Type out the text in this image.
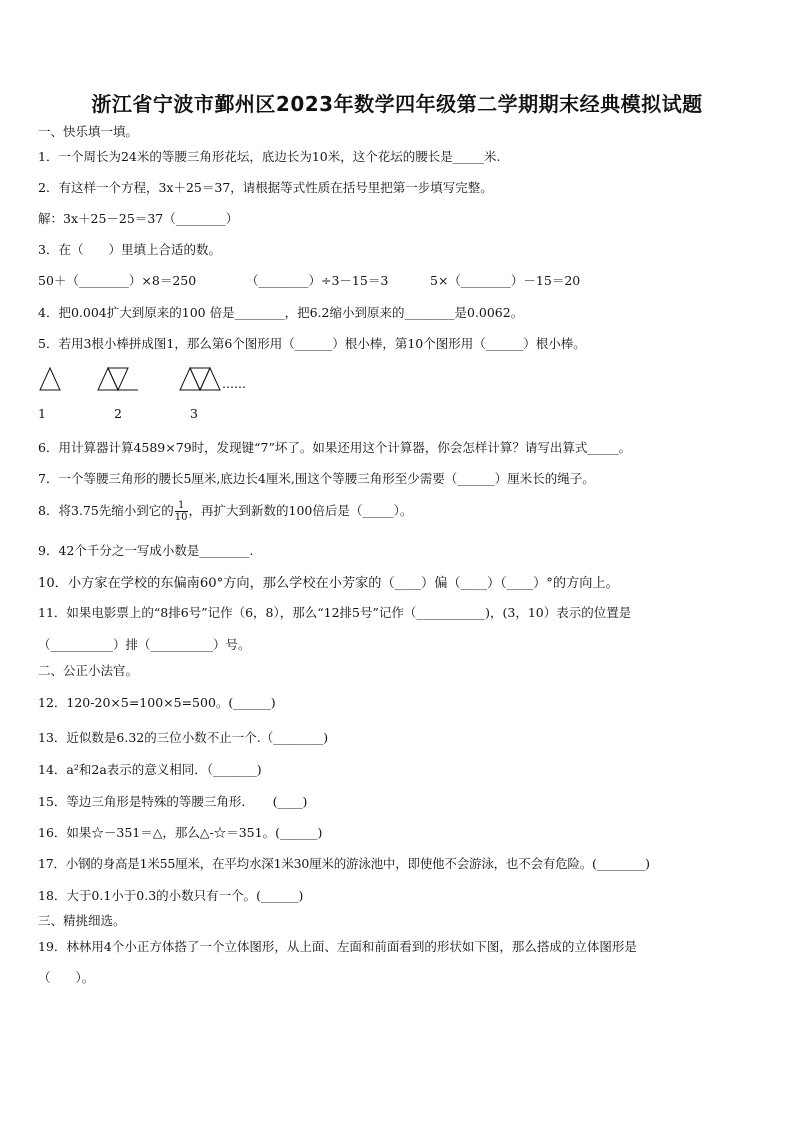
浙江省宁波市鄞州区2023年数学四年级第二学期期末经典模拟试题
一、快乐填一填。
1．一个周长为24米的等腰三角形花坛，底边长为10米，这个花坛的腰长是_____米.
2．有这样一个方程，3x＋25＝37，请根据等式性质在括号里把第一步填写完整。
解：3x＋25－25＝37（________）
3．在（　　）里填上合适的数。
50＋（________）×8＝250	（________）÷3－15＝3	5×（________）－15＝20
4．把0.004扩大到原来的100 倍是________，把6.2缩小到原来的________是0.0062。
5．若用3根小棒拼成图1，那么第6个图形用（______）根小棒，第10个图形用（______）根小棒。
……
1	2	3
6．用计算器计算4589×79时，发现键“7”坏了。如果还用这个计算器，你会怎样计算？请写出算式_____。
7．一个等腰三角形的腰长5厘米,底边长4厘米,围这个等腰三角形至少需要（______）厘米长的绳子。
8．将3.75先缩小到它的 $\frac{1}{10}$ ，再扩大到新数的100倍后是（_____）。
9．42个千分之一写成小数是________.
10．小方家在学校的东偏南60°方向，那么学校在小芳家的（____）偏（____）（____）°的方向上。
11．如果电影票上的“8排6号”记作（6，8），那么“12排5号”记作（___________)，(3，10）表示的位置是
（__________）排（__________）号。
二、公正小法官。
12．120-20×5=100×5=500。(______)
13．近似数是6.32的三位小数不止一个.（________)
14．a²和2a表示的意义相同．（_______)
15．等边三角形是特殊的等腰三角形．　　(____)
16．如果☆－351＝△，那么△-☆＝351。(______)
17．小钢的身高是1米55厘米，在平均水深1米30厘米的游泳池中，即使他不会游泳，也不会有危险。(________)
18．大于0.1小于0.3的小数只有一个。(______)
三、精挑细选。
19．林林用4个小正方体搭了一个立体图形，从上面、左面和前面看到的形状如下图，那么搭成的立体图形是
（　　）。
